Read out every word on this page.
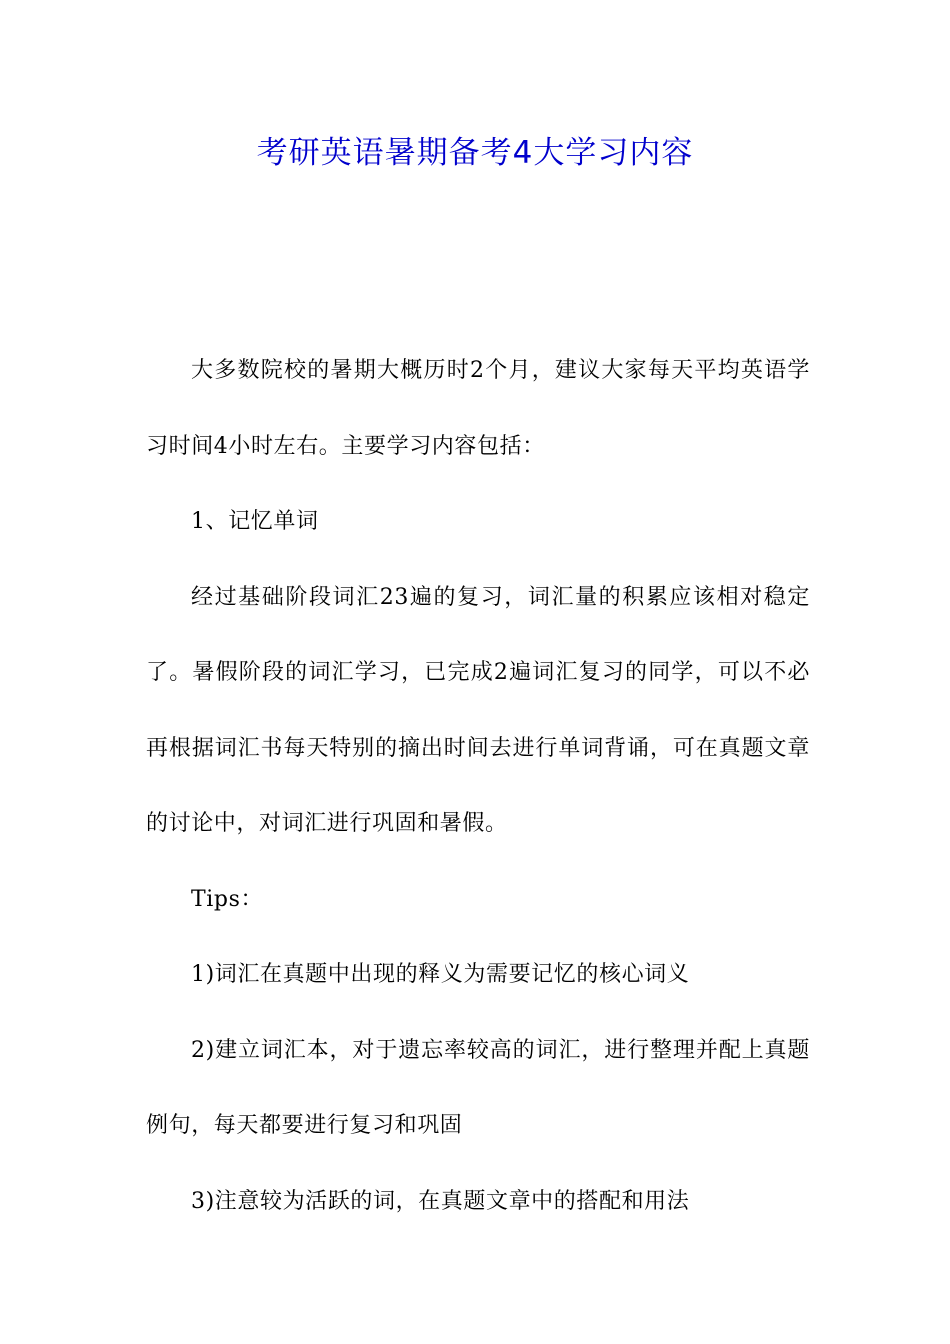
考研英语暑期备考4大学习内容

大多数院校的暑期大概历时2个月，建议大家每天平均英语学习时间4小时左右。主要学习内容包括：

1、记忆单词

经过基础阶段词汇23遍的复习，词汇量的积累应该相对稳定了。暑假阶段的词汇学习，已完成2遍词汇复习的同学，可以不必再根据词汇书每天特别的摘出时间去进行单词背诵，可在真题文章的讨论中，对词汇进行巩固和暑假。

Tips：

1)词汇在真题中出现的释义为需要记忆的核心词义

2)建立词汇本，对于遗忘率较高的词汇，进行整理并配上真题例句，每天都要进行复习和巩固

3)注意较为活跃的词，在真题文章中的搭配和用法
